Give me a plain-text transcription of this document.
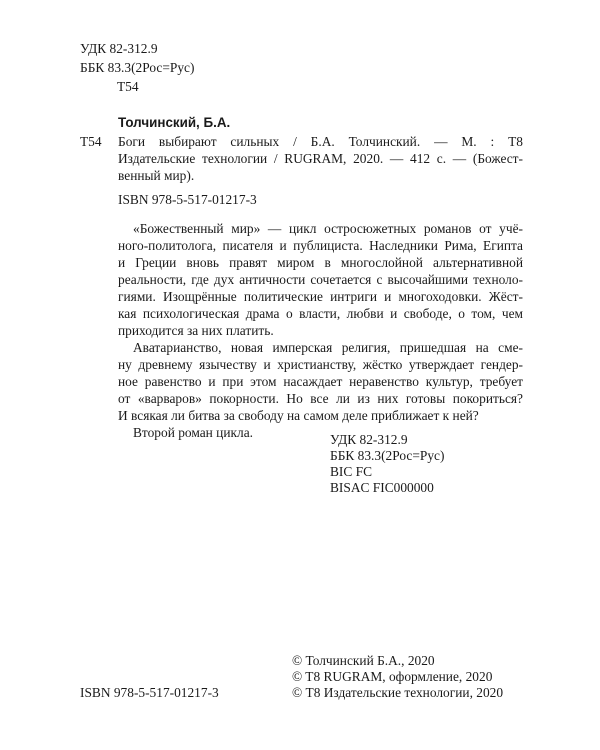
УДК 82-312.9
ББК 83.3(2Рос=Рус)
Т54
Толчинский, Б.А.
Т54 Боги выбирают сильных / Б.А. Толчинский. — М. : Т8

Издательские технологии / RUGRAM, 2020. — 412 с. — (Божест-

венный мир).

ISBN 978-5-517-01217-3

«Божественный мир» — цикл остросюжетных романов от учё-
ного-политолога, писателя и публициста. Наследники Рима, Египта
и Греции вновь правят миром в многослойной альтернативной
реальности, где дух античности сочетается с высочайшими техноло-
гиями. Изощрённые политические интриги и многоходовки. Жёст-
кая психологическая драма о власти, любви и свободе, о том, чем
приходится за них платить.

Аватарианство, новая имперская религия, пришедшая на сме-
ну древнему язычеству и христианству, жёстко утверждает гендер-
ное равенство и при этом насаждает неравенство культур, требует
от «варваров» покорности. Но все ли из них готовы покориться?
И всякая ли битва за свободу на самом деле приближает к ней?

Второй роман цикла.	УДК 82-312.9
ББК 83.3(2Рос=Рус)
BIC FC
BISAC FIC000000
© Толчинский Б.А., 2020
© T8 RUGRAM, оформление, 2020
© Т8 Издательские технологии, 2020
ISBN 978-5-517-01217-3
